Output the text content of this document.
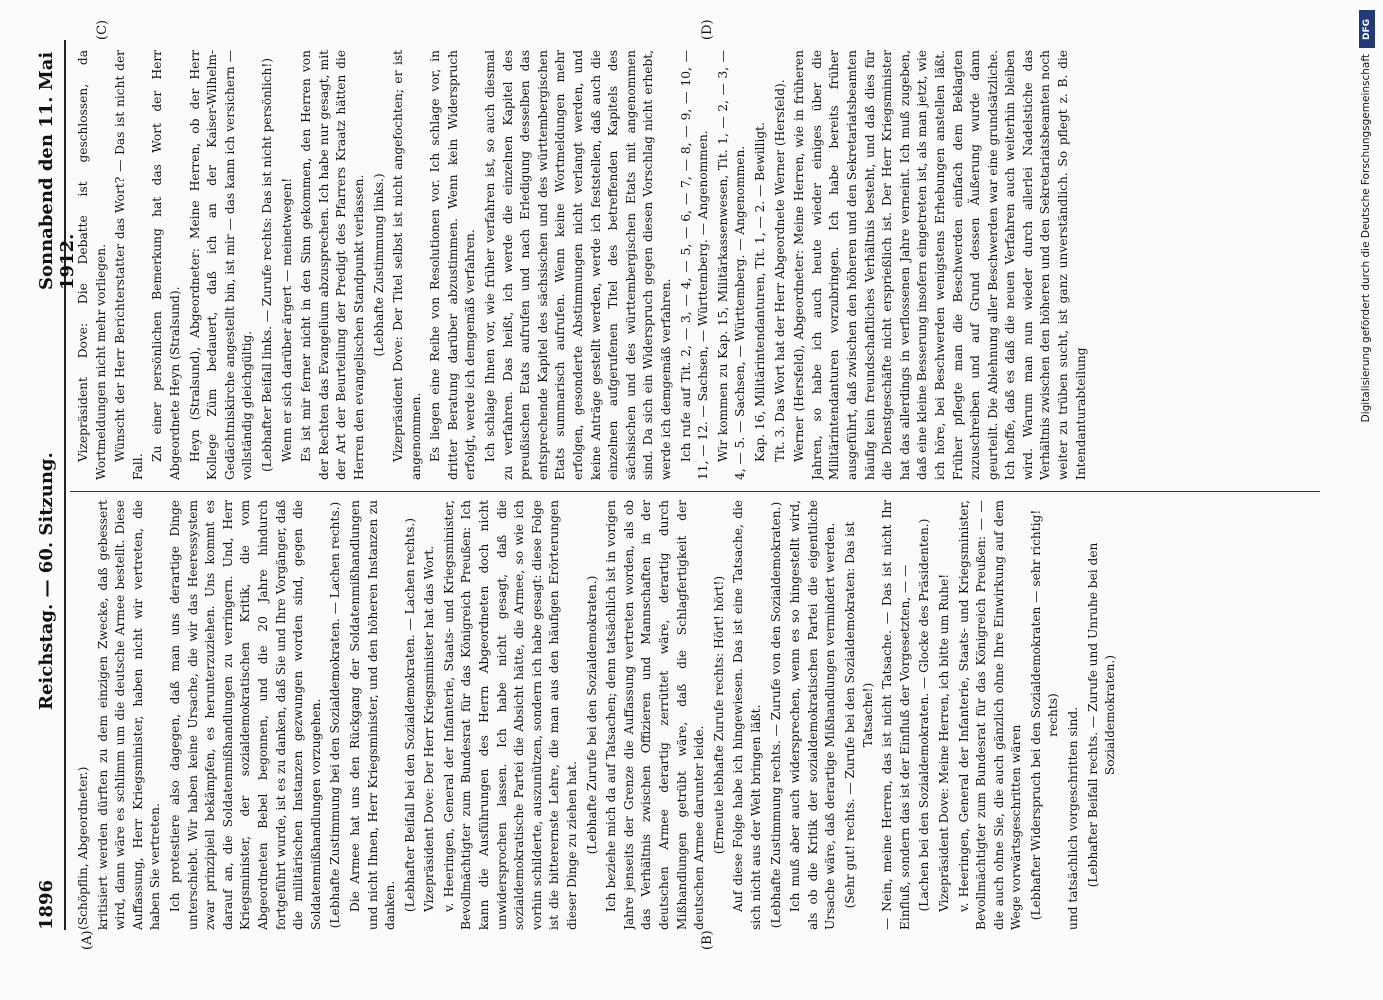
1896
Reichstag. — 60. Sitzung.
Sonnabend den 11. Mai 1912.
(A)	(B)
(C)	(D)

(Schöpflin, Abgeordneter.) kritisiert werden dürften zu dem einzigen Zwecke, daß gebessert wird, dann wäre es schlimm um die deutsche Armee bestellt. Diese Auffassung, Herr Kriegsminister, haben nicht wir vertreten, die haben Sie vertreten. Ich protestiere also dagegen, daß man uns derartige Dinge unterschiebt. Wir haben keine Ursache, die wir das Heeressystem zwar prinzipiell bekämpfen, es herunterzuziehen. Uns kommt es darauf an, die Soldatenmißhandlungen zu verringern. Und, Herr Kriegsminister, der sozialdemokratischen Kritik, die vom Abgeordneten Bebel begonnen, und die 20 Jahre hindurch fortgeführt wurde, ist es zu danken, daß Sie und Ihre Vorgänger, daß die militärischen Instanzen gezwungen worden sind, gegen die Soldatenmißhandlungen vorzugehen. (Lebhafte Zustimmung bei den Sozialdemokraten. — Lachen rechts.) Die Armee hat uns den Rückgang der Soldatenmißhandlungen und nicht Ihnen, Herr Kriegsminister, und den höheren Instanzen zu danken. (Lebhafter Beifall bei den Sozialdemokraten. — Lachen rechts.) Vizepräsident Dove: Der Herr Kriegsminister hat das Wort. v. Heeringen, General der Infanterie, Staats- und Kriegsminister, Bevollmächtigter zum Bundesrat für das Königreich Preußen: Ich kann die Ausführungen des Herrn Abgeordneten doch nicht unwidersprochen lassen. Ich habe nicht gesagt, daß die sozialdemokratische Partei die Absicht hätte, die Armee, so wie ich vorhin schilderte, auszunützen, sondern ich habe gesagt: diese Folge ist die bitterernste Lehre, die man aus den häufigen Erörterungen dieser Dinge zu ziehen hat. (Lebhafte Zurufe bei den Sozialdemokraten.) Ich beziehe mich da auf Tatsachen; denn tatsächlich ist in vorigen Jahre jenseits der Grenze die Auffassung vertreten worden, als ob das Verhältnis zwischen Offizieren und Mannschaften in der deutschen Armee derartig zerrüttet wäre, derartig durch Mißhandlungen getrübt wäre, daß die Schlagfertigkeit der deutschen Armee darunter leide. (Erneute lebhafte Zurufe rechts: Hört! hört!) Auf diese Folge habe ich hingewiesen. Das ist eine Tatsache, die sich nicht aus der Welt bringen läßt. (Lebhafte Zustimmung rechts. — Zurufe von den Sozialdemokraten.) Ich muß aber auch widersprechen, wenn es so hingestellt wird, als ob die Kritik der sozialdemokratischen Partei die eigentliche Ursache wäre, daß derartige Mißhandlungen vermindert werden. (Sehr gut! rechts. — Zurufe bei den Sozialdemokraten: Das ist Tatsache!) — Nein, meine Herren, das ist nicht Tatsache. — Das ist nicht Ihr Einfluß, sondern das ist der Einfluß der Vorgesetzten, — — (Lachen bei den Sozialdemokraten. — Glocke des Präsidenten.) Vizepräsident Dove: Meine Herren, ich bitte um Ruhe! v. Heeringen, General der Infanterie, Staats- und Kriegsminister, Bevollmächtigter zum Bundesrat für das Königreich Preußen: — — die auch ohne Sie, die auch gänzlich ohne Ihre Einwirkung auf dem Wege vorwärtsgeschritten wären (Lebhafter Widerspruch bei den Sozialdemokraten — sehr richtig! rechts) und tatsächlich vorgeschritten sind. (Lebhafter Beifall rechts. — Zurufe und Unruhe bei den Sozialdemokraten.)

Vizepräsident Dove: Die Debatte ist geschlossen, da Wortmeldungen nicht mehr vorliegen. Wünscht der Herr Berichterstatter das Wort? — Das ist nicht der Fall.

Zu einer persönlichen Bemerkung hat das Wort der Herr Abgeordnete Heyn (Stralsund). Heyn (Stralsund), Abgeordneter: Meine Herren, ob der Herr Kollege Züm bedauert, daß ich an der Kaiser-Wilhelm-Gedächtniskirche angestellt bin, ist mir — das kann ich versichern — vollständig gleichgültig. (Lebhafter Beifall links. — Zurufe rechts: Das ist nicht persönlich!) Wenn er sich darüber ärgert — meinetwegen! Es ist mir ferner nicht in den Sinn gekommen, den Herren von der Rechten das Evangelium abzusprechen. Ich habe nur gesagt, mit der Art der Beurteilung der Predigt des Pfarrers Kraatz hätten die Herren den evangelischen Standpunkt verlassen. (Lebhafte Zustimmung links.) Vizepräsident Dove: Der Titel selbst ist nicht angefochten; er ist angenommen. Es liegen eine Reihe von Resolutionen vor. Ich schlage vor, in dritter Beratung darüber abzustimmen. Wenn kein Widerspruch erfolgt, werde ich demgemäß verfahren. Ich schlage Ihnen vor, wie früher verfahren ist, so auch diesmal zu verfahren. Das heißt, ich werde die einzelnen Kapitel des preußischen Etats aufrufen und nach Erledigung desselben das entsprechende Kapitel des sächsischen und des württembergischen Etats summarisch aufrufen. Wenn keine Wortmeldungen mehr erfolgen, gesonderte Abstimmungen nicht verlangt werden, und keine Anträge gestellt werden, werde ich feststellen, daß auch die einzelnen aufgerufenen Titel des betreffenden Kapitels des sächsischen und des württembergischen Etats mit angenommen sind. Da sich ein Widerspruch gegen diesen Vorschlag nicht erhebt, werde ich demgemäß verfahren. Ich rufe auf Tit. 2, — 3, — 4, — 5, — 6, — 7, — 8, — 9, — 10, — 11, — 12. — Sachsen, — Württemberg. — Angenommen. Wir kommen zu Kap. 15, Militärkassenwesen, Tit. 1, — 2, — 3, — 4, — 5. — Sachsen, — Württemberg. — Angenommen. Kap. 16, Militärintendanturen, Tit. 1, — 2. — Bewilligt. Tit. 3. Das Wort hat der Herr Abgeordnete Werner (Hersfeld). Werner (Hersfeld), Abgeordneter: Meine Herren, wie in früheren Jahren, so habe ich auch heute wieder einiges über die Militärintendanturen vorzubringen. Ich habe bereits früher ausgeführt, daß zwischen den höheren und den Sekretariatsbeamten häufig kein freundschaftliches Verhältnis besteht, und daß dies für die Dienstgeschäfte nicht ersprießlich ist. Der Herr Kriegsminister hat das allerdings in verflossenen Jahre verneint. Ich muß zugeben, daß eine kleine Besserung insofern eingetreten ist, als man jetzt, wie ich höre, bei Beschwerden wenigstens Erhebungen anstellen läßt. Früher pflegte man die Beschwerden einfach dem Beklagten zuzuschreiben und auf Grund dessen Äußerung wurde dann geurteilt. Die Ablehnung aller Beschwerden war eine grundsätzliche. Ich hoffe, daß es daß die neuen Verfahren auch weiterhin bleiben wird. Warum man nun wieder durch allerlei Nadelstiche das Verhältnis zwischen den höheren und den Sekretariatsbeamten noch weiter zu trüben sucht, ist ganz unverständlich. So pflegt z. B. die Intendanturabteilung

DFG
Digitalisierung gefördert durch die Deutsche Forschungsgemeinschaft
